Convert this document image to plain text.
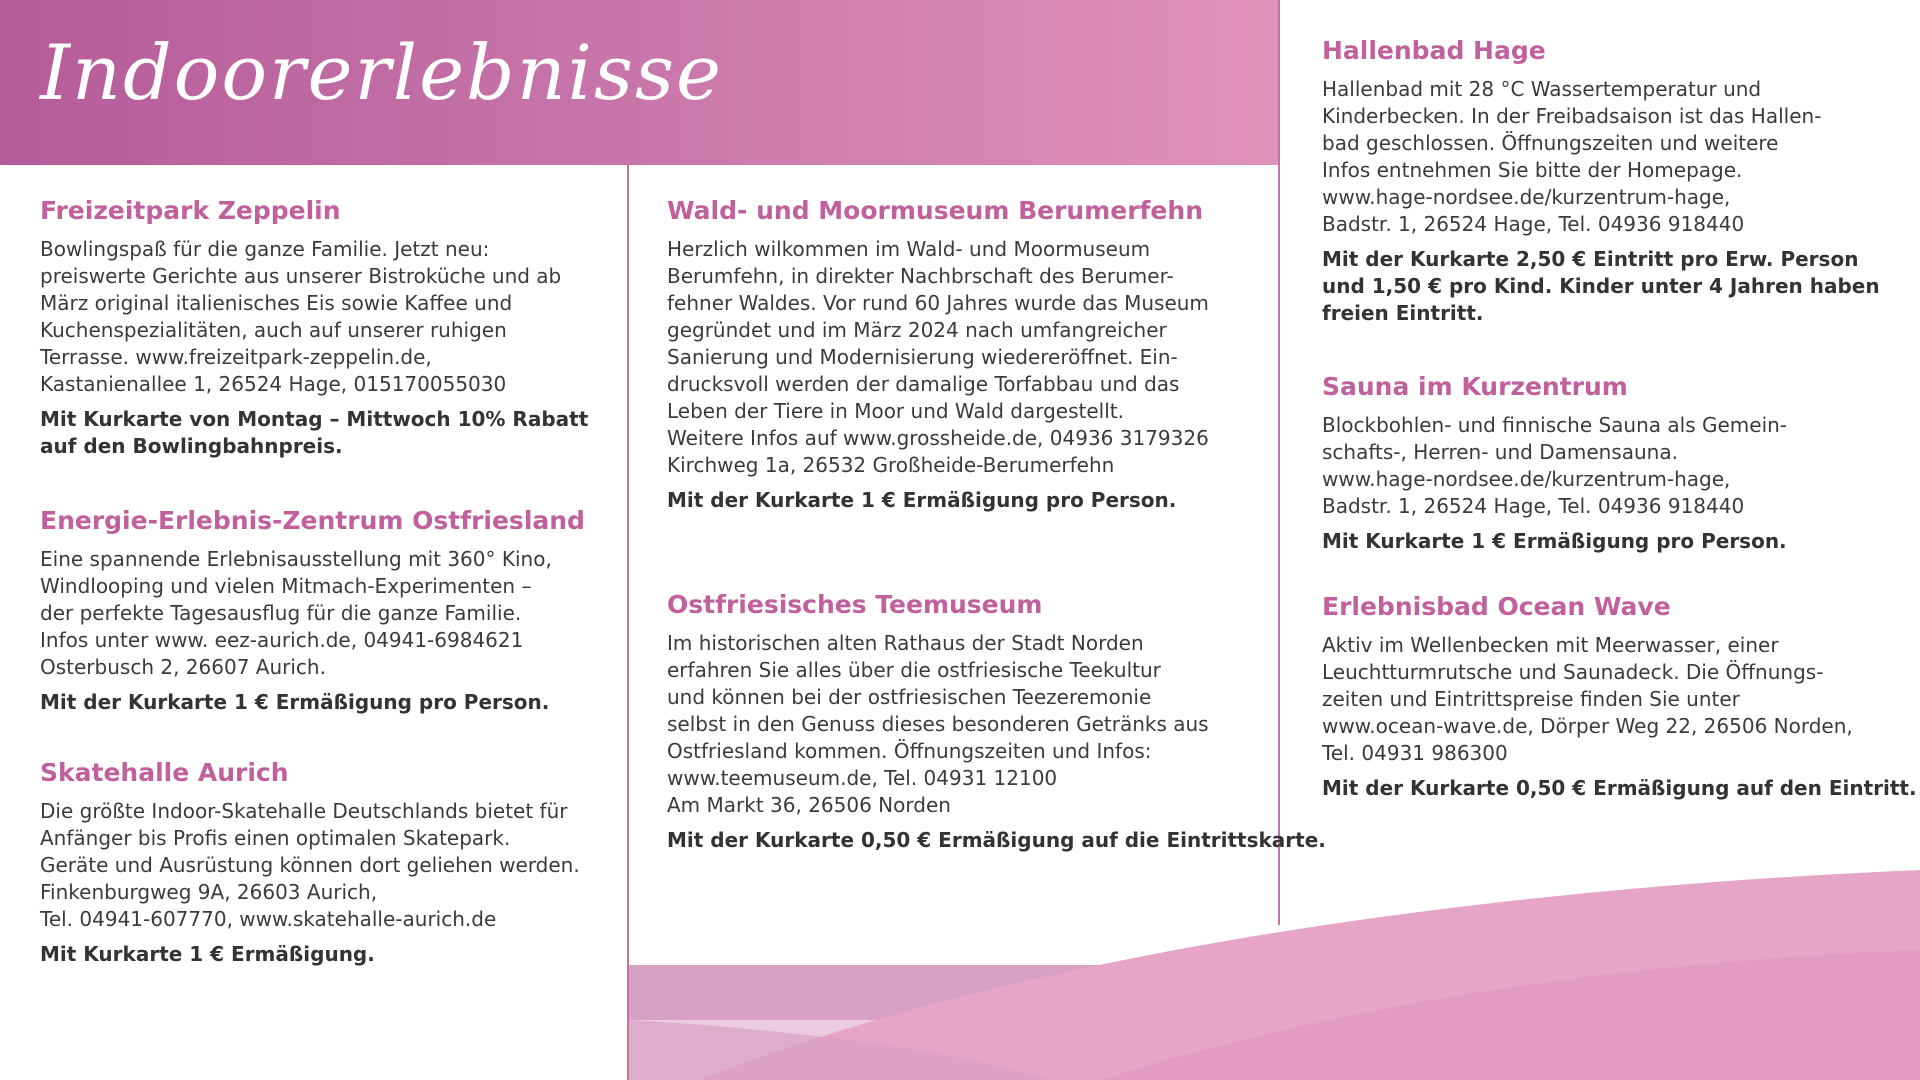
Indoorerlebnisse
Freizeitpark Zeppelin
Bowlingspaß für die ganze Familie. Jetzt neu:
preiswerte Gerichte aus unserer Bistroküche und ab
März original italienisches Eis sowie Kaffee und
Kuchenspezialitäten, auch auf unserer ruhigen
Terrasse. www.freizeitpark-zeppelin.de,
Kastanienallee 1, 26524 Hage, 015170055030
Mit Kurkarte von Montag – Mittwoch 10% Rabatt
auf den Bowlingbahnpreis.
Energie-Erlebnis-Zentrum Ostfriesland
Eine spannende Erlebnisausstellung mit 360° Kino,
Windlooping und vielen Mitmach-Experimenten –
der perfekte Tagesausflug für die ganze Familie.
Infos unter www. eez-aurich.de, 04941-6984621
Osterbusch 2, 26607 Aurich.
Mit der Kurkarte 1 € Ermäßigung pro Person.
Skatehalle Aurich
Die größte Indoor-Skatehalle Deutschlands bietet für
Anfänger bis Profis einen optimalen Skatepark.
Geräte und Ausrüstung können dort geliehen werden.
Finkenburgweg 9A, 26603 Aurich,
Tel. 04941-607770, www.skatehalle-aurich.de
Mit Kurkarte 1 € Ermäßigung.
Wald- und Moormuseum Berumerfehn
Herzlich wilkommen im Wald- und Moormuseum
Berumfehn, in direkter Nachbrschaft des Berumer-
fehner Waldes. Vor rund 60 Jahres wurde das Museum
gegründet und im März 2024 nach umfangreicher
Sanierung und Modernisierung wiedereröffnet. Ein-
drucksvoll werden der damalige Torfabbau und das
Leben der Tiere in Moor und Wald dargestellt.
Weitere Infos auf www.grossheide.de, 04936 3179326
Kirchweg 1a, 26532 Großheide-Berumerfehn
Mit der Kurkarte 1 € Ermäßigung pro Person.
Ostfriesisches Teemuseum
Im historischen alten Rathaus der Stadt Norden
erfahren Sie alles über die ostfriesische Teekultur
und können bei der ostfriesischen Teezeremonie
selbst in den Genuss dieses besonderen Getränks aus
Ostfriesland kommen. Öffnungszeiten und Infos:
www.teemuseum.de, Tel. 04931 12100
Am Markt 36, 26506 Norden
Mit der Kurkarte 0,50 € Ermäßigung auf die Eintrittskarte.
Hallenbad Hage
Hallenbad mit 28 °C Wassertemperatur und
Kinderbecken. In der Freibadsaison ist das Hallen-
bad geschlossen. Öffnungszeiten und weitere
Infos entnehmen Sie bitte der Homepage.
www.hage-nordsee.de/kurzentrum-hage,
Badstr. 1, 26524 Hage, Tel. 04936 918440
Mit der Kurkarte 2,50 € Eintritt pro Erw. Person
und 1,50 € pro Kind. Kinder unter 4 Jahren haben
freien Eintritt.
Sauna im Kurzentrum
Blockbohlen- und finnische Sauna als Gemein-
schafts-, Herren- und Damensauna.
www.hage-nordsee.de/kurzentrum-hage,
Badstr. 1, 26524 Hage, Tel. 04936 918440
Mit Kurkarte 1 € Ermäßigung pro Person.
Erlebnisbad Ocean Wave
Aktiv im Wellenbecken mit Meerwasser, einer
Leuchtturmrutsche und Saunadeck. Die Öffnungs-
zeiten und Eintrittspreise finden Sie unter
www.ocean-wave.de, Dörper Weg 22, 26506 Norden,
Tel. 04931 986300
Mit der Kurkarte 0,50 € Ermäßigung auf den Eintritt.
